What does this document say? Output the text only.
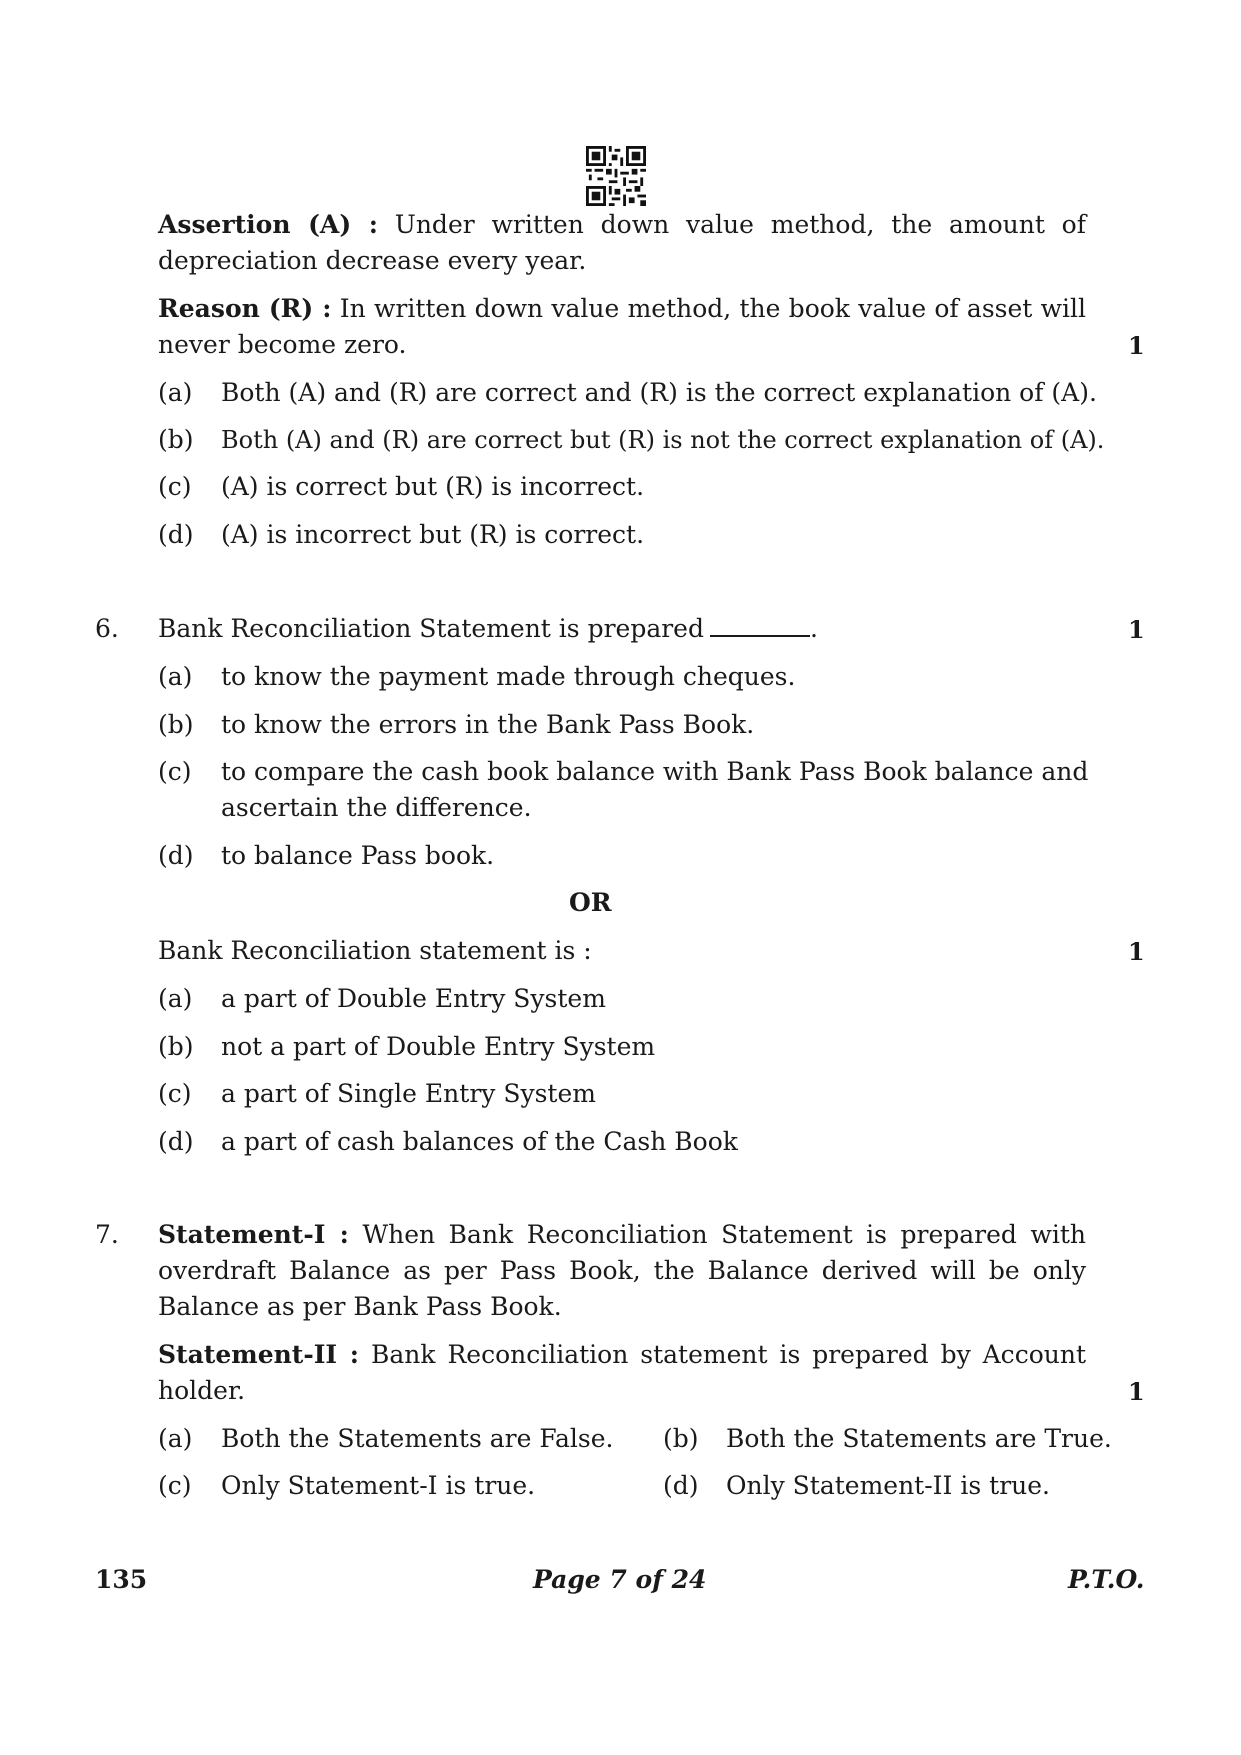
Assertion (A) : Under written down value method, the amount of
depreciation decrease every year.
Reason (R) : In written down value method, the book value of asset will
never become zero.	1
(a) Both (A) and (R) are correct and (R) is the correct explanation of (A).
(b) Both (A) and (R) are correct but (R) is not the correct explanation of (A).
(c) (A) is correct but (R) is incorrect.
(d) (A) is incorrect but (R) is correct.
6. Bank Reconciliation Statement is prepared	.	1
(a) to know the payment made through cheques.
(b) to know the errors in the Bank Pass Book.
(c) to compare the cash book balance with Bank Pass Book balance and
ascertain the difference.
(d) to balance Pass book.
OR
Bank Reconciliation statement is :	1
(a) a part of Double Entry System
(b) not a part of Double Entry System
(c) a part of Single Entry System
(d) a part of cash balances of the Cash Book
7. Statement-I : When Bank Reconciliation Statement is prepared with
overdraft Balance as per Pass Book, the Balance derived will be only
Balance as per Bank Pass Book.
Statement-II : Bank Reconciliation statement is prepared by Account
holder.	1
(a) Both the Statements are False. (b) Both the Statements are True.
(c) Only Statement-I is true.	(d) Only Statement-II is true.
135	Page 7 of 24	P.T.O.
